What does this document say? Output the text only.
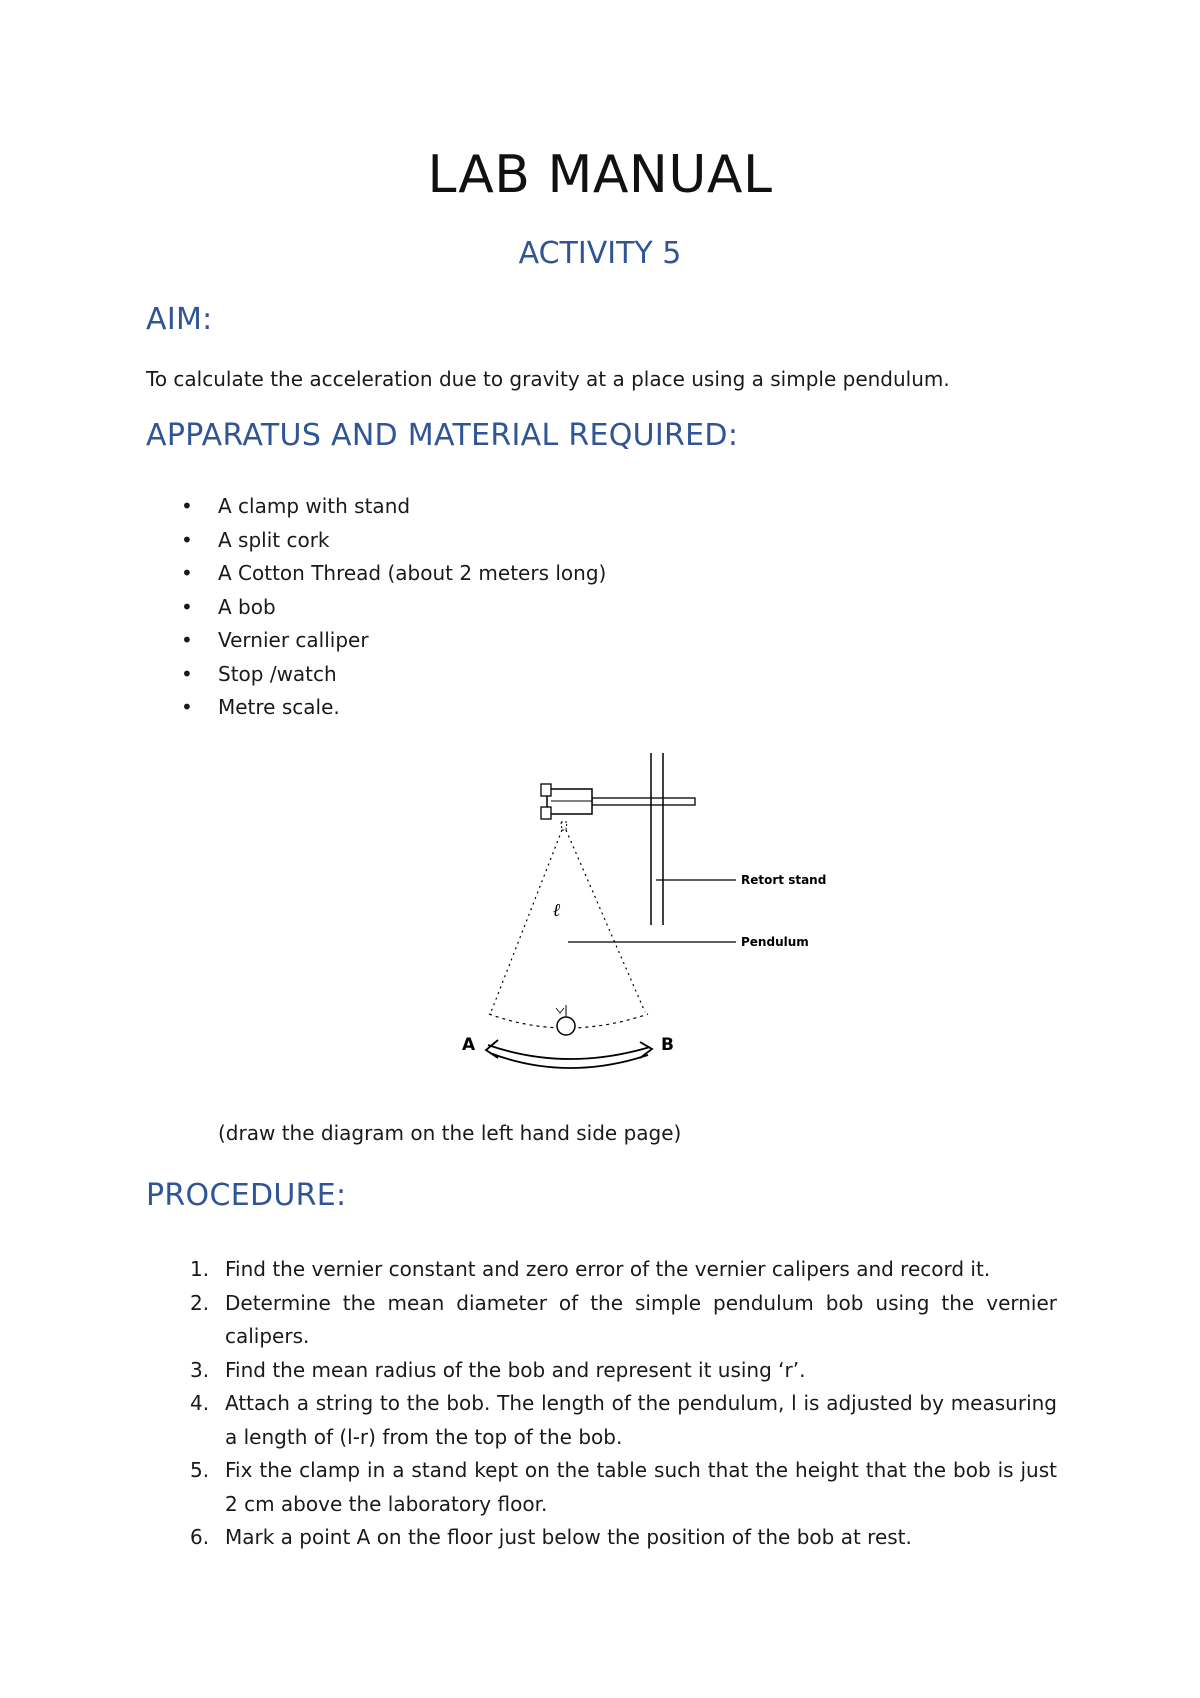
LAB MANUAL
ACTIVITY 5
AIM:
To calculate the acceleration due to gravity at a place using a simple pendulum.
APPARATUS AND MATERIAL REQUIRED:
• A clamp with stand
• A split cork
• A Cotton Thread (about 2 meters long)
• A bob
• Vernier calliper
• Stop /watch
• Metre scale.
Retort stand
Pendulum
ℓ
A	B
(draw the diagram on the left hand side page)
PROCEDURE:
1. Find the vernier constant and zero error of the vernier calipers and record it.
2. Determine the mean diameter of the simple pendulum bob using the vernier calipers.
3. Find the mean radius of the bob and represent it using ‘r’.
4. Attach a string to the bob. The length of the pendulum, l is adjusted by measuring a length of (l-r) from the top of the bob.
5. Fix the clamp in a stand kept on the table such that the height that the bob is just 2 cm above the laboratory floor.
6. Mark a point A on the floor just below the position of the bob at rest.
